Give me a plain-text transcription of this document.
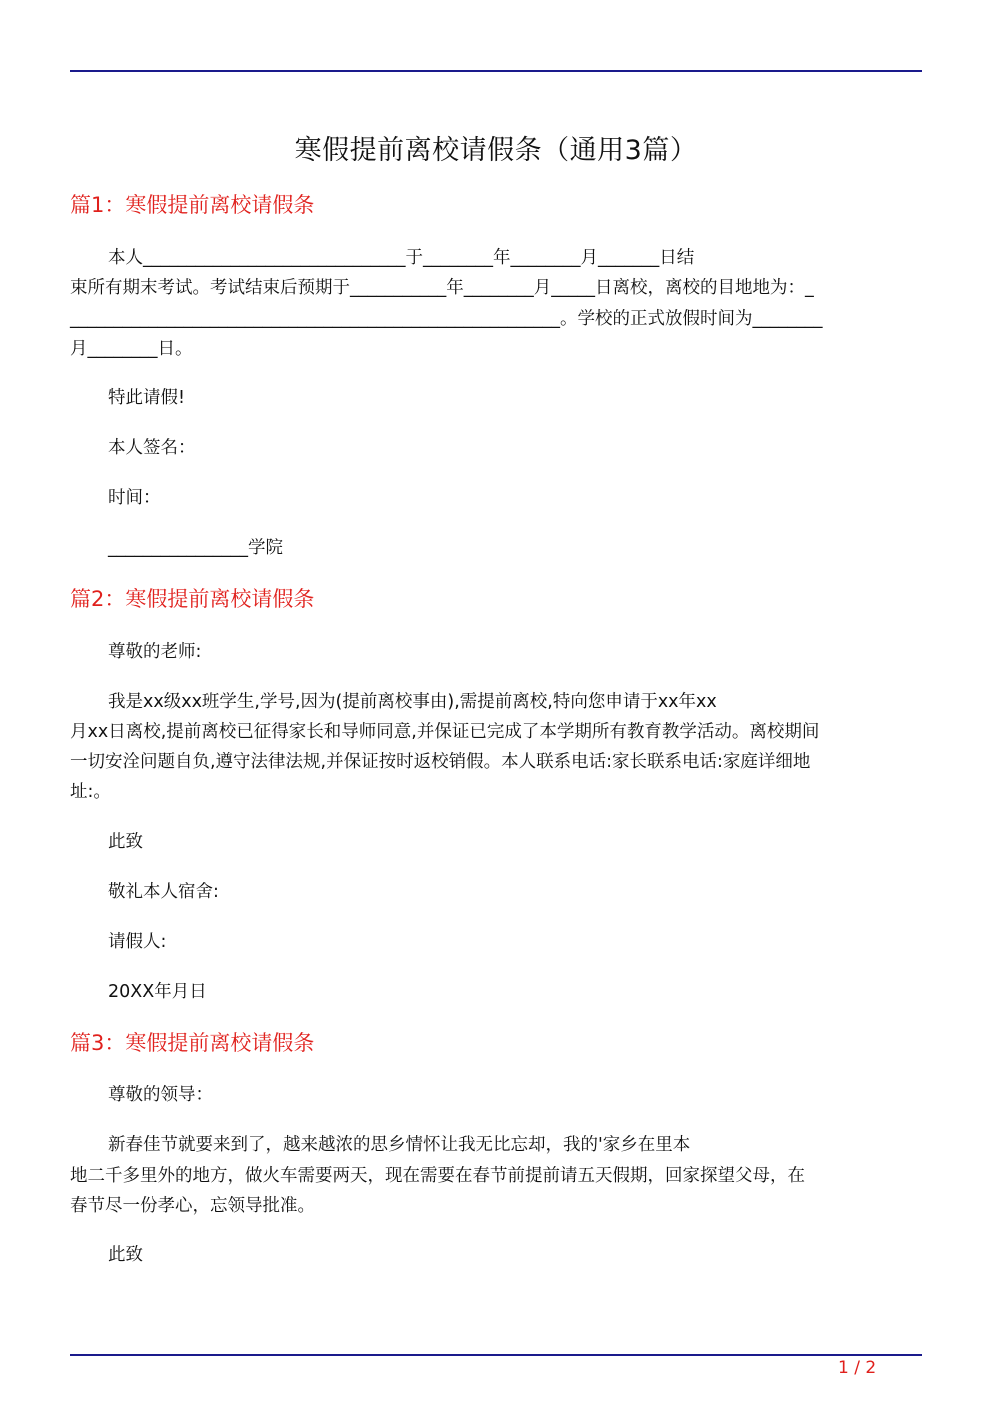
寒假提前离校请假条（通用3篇）
篇1：寒假提前离校请假条
本人______________________________于________年________月_______日结
束所有期末考试。考试结束后预期于___________年________月_____日离校，离校的目地地为：_
________________________________________________________。学校的正式放假时间为________
月________日。
特此请假!
本人签名：
时间：
________________学院
篇2：寒假提前离校请假条
尊敬的老师:
我是xx级xx班学生,学号,因为(提前离校事由),需提前离校,特向您申请于xx年xx
月xx日离校,提前离校已征得家长和导师同意,并保证已完成了本学期所有教育教学活动。离校期间
一切安洤问题自负,遵守法律法规,并保证按时返校销假。本人联系电话:家长联系电话:家庭详细地
址:。
此致
敬礼本人宿舍:
请假人:
20XX年月日
篇3：寒假提前离校请假条
尊敬的领导：
新春佳节就要来到了，越来越浓的思乡情怀让我无比忘却，我的'家乡在里本
地二千多里外的地方，做火车需要两天，现在需要在春节前提前请五天假期，回家探望父母，在
春节尽一份孝心，忘领导批准。
此致
1 / 2
